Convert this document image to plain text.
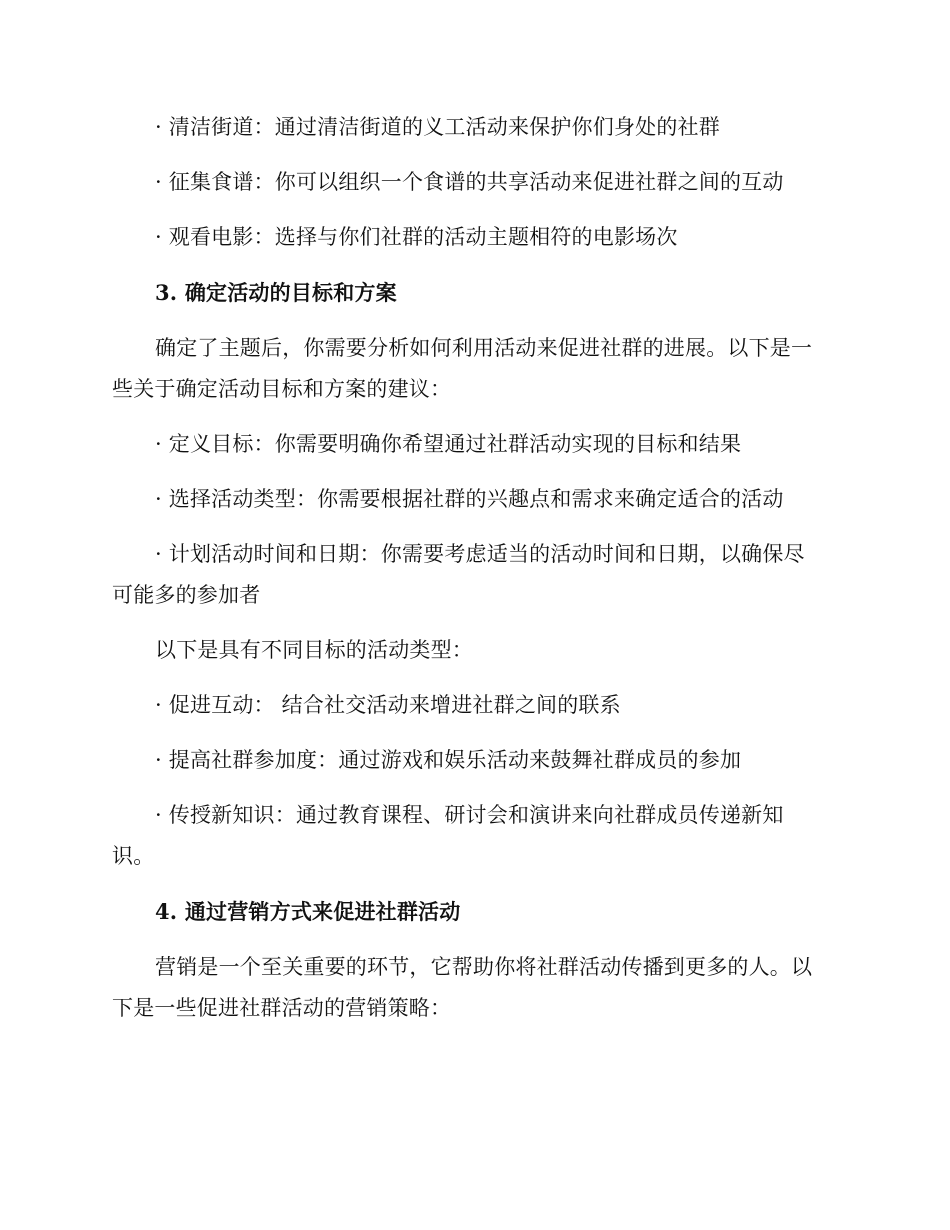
· 清洁街道：通过清洁街道的义工活动来保护你们身处的社群
· 征集食谱：你可以组织一个食谱的共享活动来促进社群之间的互动
· 观看电影：选择与你们社群的活动主题相符的电影场次
3. 确定活动的目标和方案
确定了主题后，你需要分析如何利用活动来促进社群的进展。以下是一
些关于确定活动目标和方案的建议：
· 定义目标：你需要明确你希望通过社群活动实现的目标和结果
· 选择活动类型：你需要根据社群的兴趣点和需求来确定适合的活动
· 计划活动时间和日期：你需要考虑适当的活动时间和日期，以确保尽
可能多的参加者
以下是具有不同目标的活动类型：
· 促进互动： 结合社交活动来增进社群之间的联系
· 提高社群参加度：通过游戏和娱乐活动来鼓舞社群成员的参加
· 传授新知识：通过教育课程、研讨会和演讲来向社群成员传递新知
识。
4. 通过营销方式来促进社群活动
营销是一个至关重要的环节，它帮助你将社群活动传播到更多的人。以
下是一些促进社群活动的营销策略：
